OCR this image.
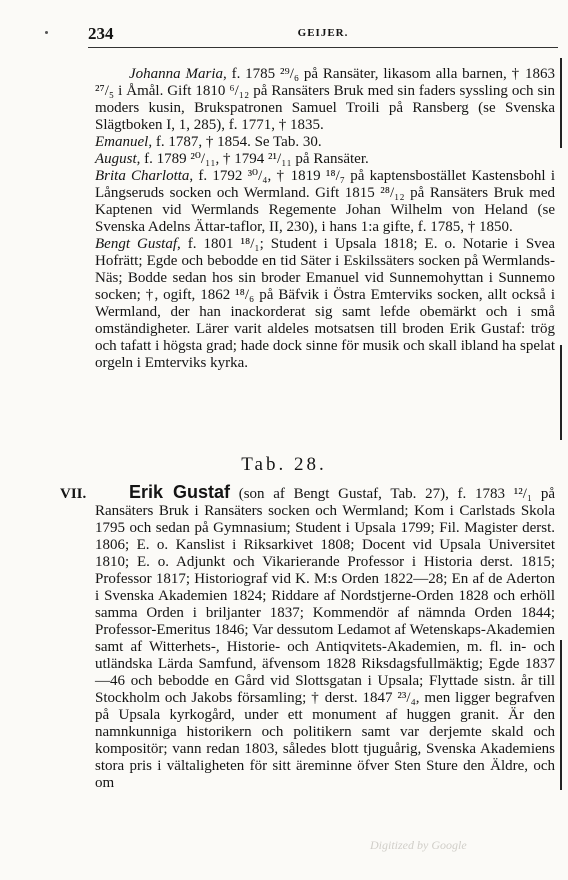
234	GEIJER.

Johanna Maria, f. 1785 ²⁹/₆ på Ransäter, likasom alla barnen, † 1863 ²⁷/₅ i Åmål. Gift 1810 ⁶/₁₂ på Ransäters Bruk med sin faders syssling och sin moders kusin, Brukspatronen Samuel Troili på Ransberg (se Svenska Slägtboken I, 1, 285), f. 1771, † 1835.

Emanuel, f. 1787, † 1854. Se Tab. 30.

August, f. 1789 ²⁰/₁₁, † 1794 ²¹/₁₁ på Ransäter.

Brita Charlotta, f. 1792 ³⁰/₄, † 1819 ¹⁸/₇ på kaptensbostället Kastensbohl i Långseruds socken och Wermland. Gift 1815 ²⁸/₁₂ på Ransäters Bruk med Kaptenen vid Wermlands Regemente Johan Wilhelm von Heland (se Svenska Adelns Ättar-taflor, II, 230), i hans 1:a gifte, f. 1785, † 1850.

Bengt Gustaf, f. 1801 ¹⁸/₁; Student i Upsala 1818; E. o. Notarie i Svea Hofrätt; Egde och bebodde en tid Säter i Eskilssäters socken på Wermlands-Näs; Bodde sedan hos sin broder Emanuel vid Sunnemohyttan i Sunnemo socken; †, ogift, 1862 ¹⁸/₆ på Bäfvik i Östra Emterviks socken, allt också i Wermland, der han inackorderat sig samt lefde obemärkt och i små omständigheter. Lärer varit aldeles motsatsen till broden Erik Gustaf: trög och tafatt i högsta grad; hade dock sinne för musik och skall ibland ha spelat orgeln i Emterviks kyrka.

Tab. 28.
VII.	Erik Gustaf (son af Bengt Gustaf, Tab. 27), f. 1783 ¹²/₁ på Ransäters Bruk i Ransäters socken och Wermland; Kom i Carlstads Skola 1795 och sedan på Gymnasium; Student i Upsala 1799; Fil. Magister derst. 1806; E. o. Kanslist i Riksarkivet 1808; Docent vid Upsala Universitet 1810; E. o. Adjunkt och Vikarierande Professor i Historia derst. 1815; Professor 1817; Historiograf vid K. M:s Orden 1822—28; En af de Aderton i Svenska Akademien 1824; Riddare af Nordstjerne-Orden 1828 och erhöll samma Orden i briljanter 1837; Kommendör af nämnda Orden 1844; Professor-Emeritus 1846; Var dessutom Ledamot af Wetenskaps-Akademien samt af Witterhets-, Historie- och Antiqvitets-Akademien, m. fl. in- och utländska Lärda Samfund, äfvensom 1828 Riksdagsfullmäktig; Egde 1837—46 och bebodde en Gård vid Slottsgatan i Upsala; Flyttade sistn. år till Stockholm och Jakobs församling; † derst. 1847 ²³/₄, men ligger begrafven på Upsala kyrkogård, under ett monument af huggen granit. Är den namnkunniga historikern och politikern samt var derjemte skald och kompositör; vann redan 1803, således blott tjuguårig, Svenska Akademiens stora pris i vältaligheten för sitt äreminne öfver Sten Sture den Äldre, och om

Digitized by Google
